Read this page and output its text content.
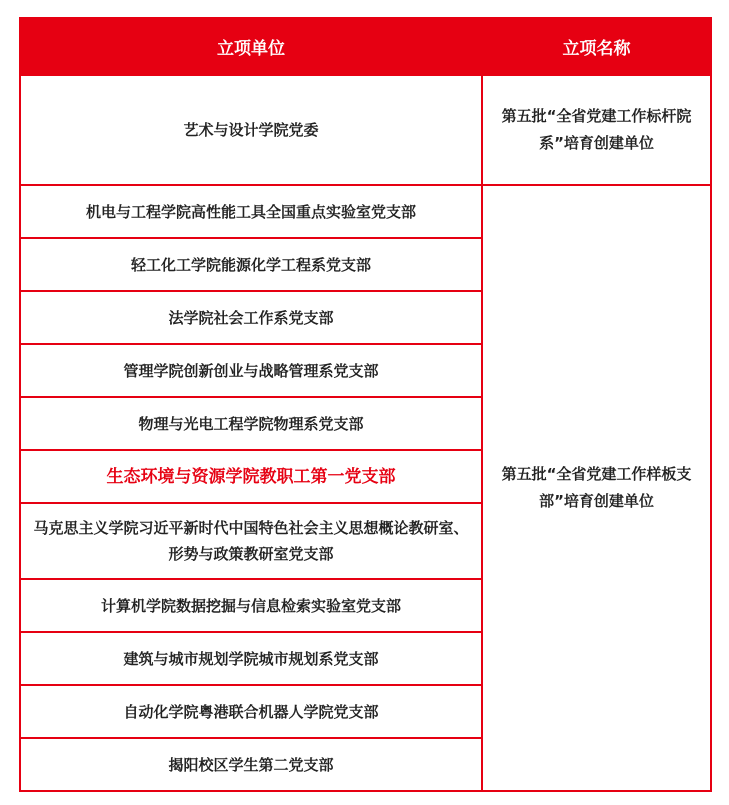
立项单位	立项名称
艺术与设计学院党委	第五批“全省党建工作标杆院系”培育创建单位
机电与工程学院高性能工具全国重点实验室党支部	第五批“全省党建工作样板支部”培育创建单位
轻工化工学院能源化学工程系党支部	
法学院社会工作系党支部	
管理学院创新创业与战略管理系党支部	
物理与光电工程学院物理系党支部	
生态环境与资源学院教职工第一党支部	
马克思主义学院习近平新时代中国特色社会主义思想概论教研室、形势与政策教研室党支部	
计算机学院数据挖掘与信息检索实验室党支部	
建筑与城市规划学院城市规划系党支部	
自动化学院粤港联合机器人学院党支部	
揭阳校区学生第二党支部	
